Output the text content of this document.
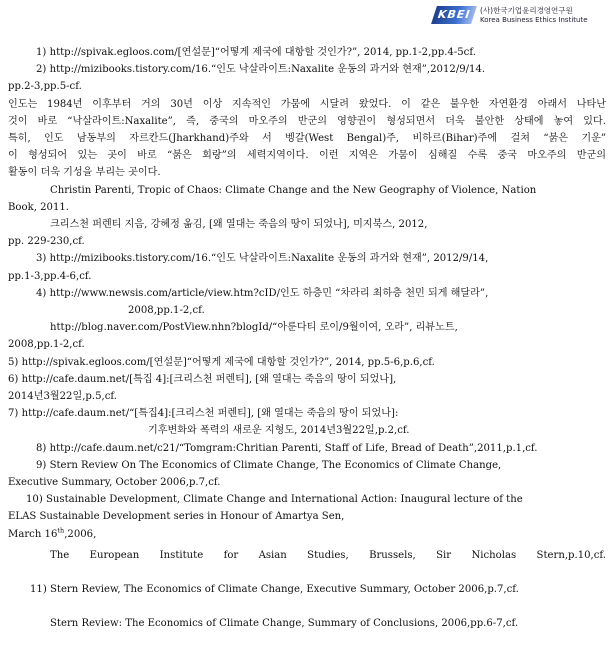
KBEI (사)한국기업윤리경영연구원
Korea Business Ethics Institute
1) http://spivak.egloos.com/[연설문]“어떻게 제국에 대항할 것인가?”, 2014, pp.1-2,pp.4-5cf.
2) http://mizibooks.tistory.com/16.“인도 낙살라이트:Naxalite 운동의 과거와 현재”,2012/9/14.
pp.2-3,pp.5-cf.
인도는 1984년 이후부터 거의 30년 이상 지속적인 가뭄에 시달려 왔었다. 이 같은 불우한 자연환경 아래서 나타난
것이 바로 “낙살라이트:Naxalite”, 즉, 중국의 마오주의 반군의 영향권이 형성되면서 더욱 불안한 상태에 놓여 있다.
특히, 인도 남동부의 자르칸드(Jharkhand)주와 서 벵갈(West Bengal)주, 비하르(Bihar)주에 걸쳐 “붉은 기운”
이 형성되어 있는 곳이 바로 “붉은 회랑”의 세력지역이다. 이런 지역은 가뭄이 심해질 수록 중국 마오주의 반군의
활동이 더욱 기성을 부리는 곳이다.
Christin Parenti, Tropic of Chaos: Climate Change and the New Geography of Violence, Nation
Book, 2011.
크리스천 퍼렌티 지음, 강혜정 옮김, [왜 열대는 죽음의 땅이 되었나], 미지북스, 2012,
pp. 229-230,cf.
3) http://mizibooks.tistory.com/16.“인도 낙살라이트:Naxalite 운동의 과거와 현재”, 2012/9/14,
pp.1-3,pp.4-6,cf.
4) http://www.newsis.com/article/view.htm?cID/인도 하층민 “차라리 최하층 천민 되게 해달라”,
2008,pp.1-2,cf.
http://blog.naver.com/PostView.nhn?blogId/“아룬다티 로이/9월이여, 오라”, 리뷰노트,
2008,pp.1-2,cf.
5) http://spivak.egloos.com/[연설문]“어떻게 제국에 대항할 것인가?”, 2014, pp.5-6,p.6,cf.
6) http://cafe.daum.net/[특집 4]:[크리스천 퍼렌티], [왜 열대는 죽음의 땅이 되었나],
2014년3월22일,p.5,cf.
7) http://cafe.daum.net/“[특집4]:[크리스천 퍼렌티], [왜 열대는 죽음의 땅이 되었나]:
기후변화와 폭력의 새로운 지형도, 2014년3월22일,p.2,cf.
8) http://cafe.daum.net/c21/“Tomgram:Chritian Parenti, Staff of Life, Bread of Death”,2011,p.1,cf.
9) Stern Review On The Economics of Climate Change, The Economics of Climate Change,
Executive Summary, October 2006,p.7,cf.
10) Sustainable Development, Climate Change and International Action: Inaugural lecture of the
ELAS Sustainable Development series in Honour of Amartya Sen,
March 16th,2006,
The European Institute for Asian Studies, Brussels, Sir Nicholas Stern,p.10,cf.
11) Stern Review, The Economics of Climate Change, Executive Summary, October 2006,p.7,cf.
Stern Review: The Economics of Climate Change, Summary of Conclusions, 2006,pp.6-7,cf.
